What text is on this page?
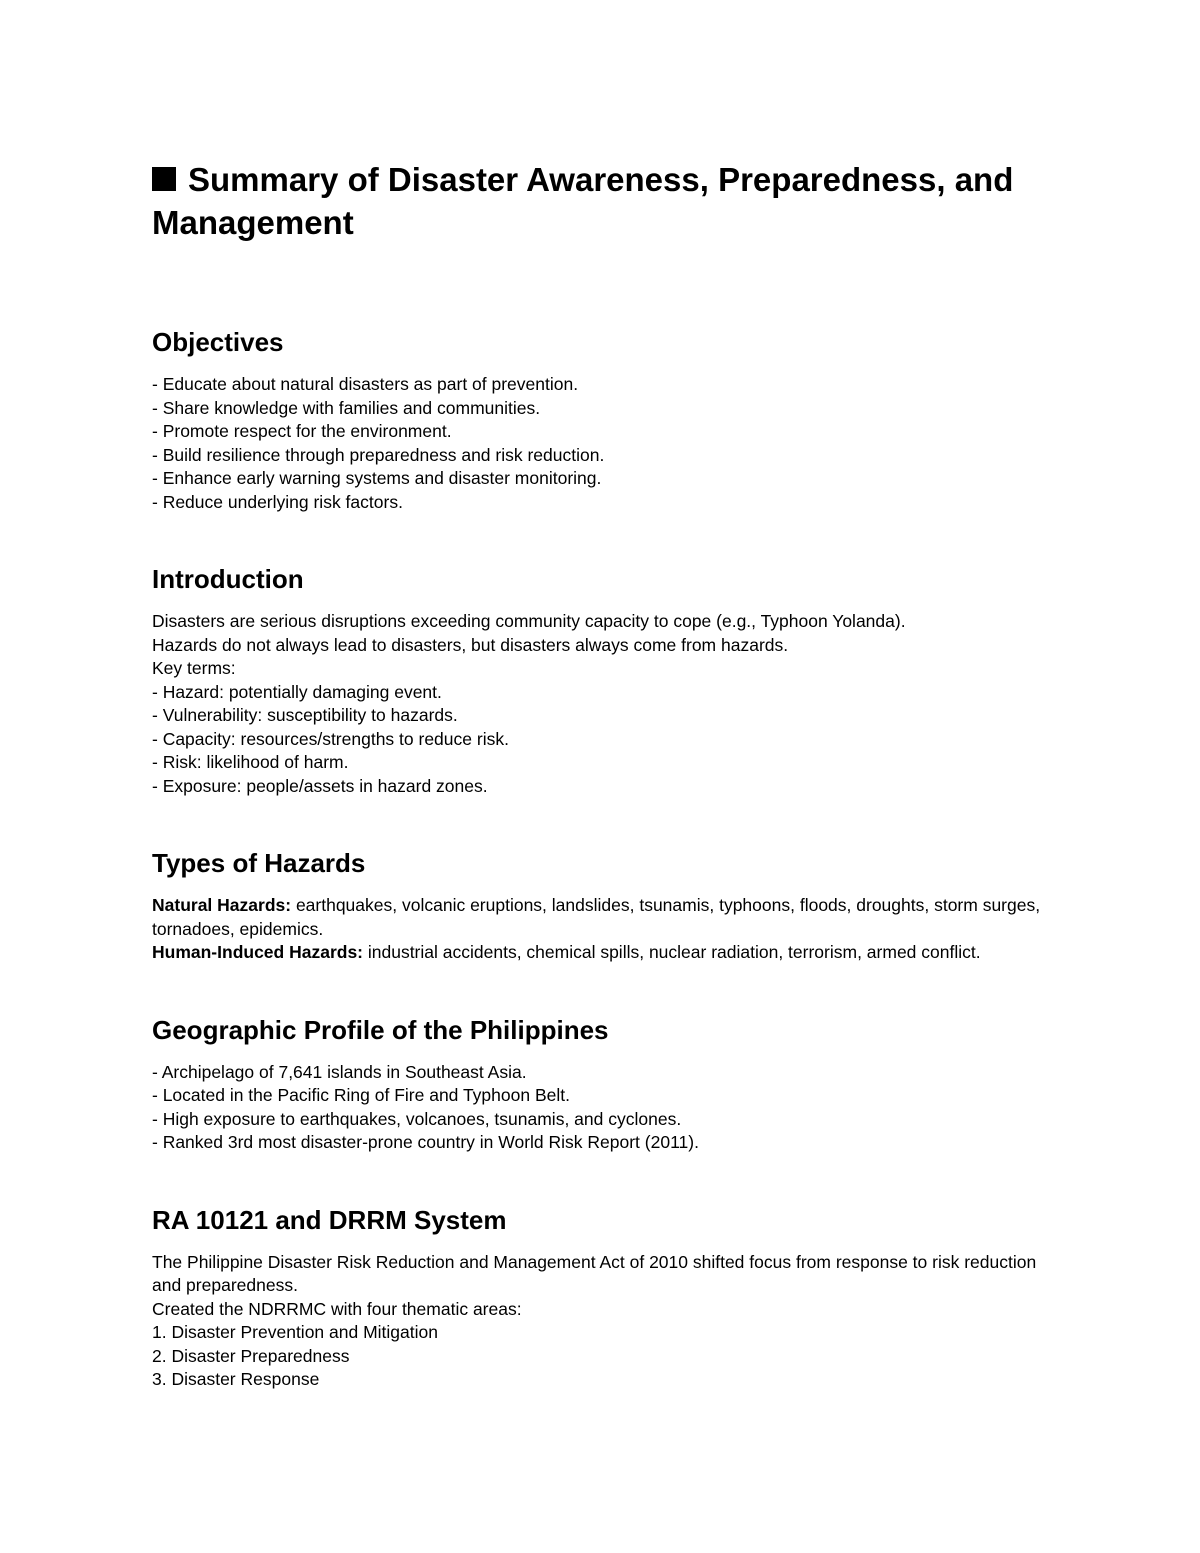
Summary of Disaster Awareness, Preparedness, and Management
Objectives

- Educate about natural disasters as part of prevention.

- Share knowledge with families and communities.

- Promote respect for the environment.

- Build resilience through preparedness and risk reduction.

- Enhance early warning systems and disaster monitoring.

- Reduce underlying risk factors.

Introduction

Disasters are serious disruptions exceeding community capacity to cope (e.g., Typhoon Yolanda).

Hazards do not always lead to disasters, but disasters always come from hazards.

Key terms:

- Hazard: potentially damaging event.

- Vulnerability: susceptibility to hazards.

- Capacity: resources/strengths to reduce risk.

- Risk: likelihood of harm.

- Exposure: people/assets in hazard zones.

Types of Hazards

Natural Hazards: earthquakes, volcanic eruptions, landslides, tsunamis, typhoons, floods, droughts, storm surges, tornadoes, epidemics.

Human-Induced Hazards: industrial accidents, chemical spills, nuclear radiation, terrorism, armed conflict.

Geographic Profile of the Philippines

- Archipelago of 7,641 islands in Southeast Asia.

- Located in the Pacific Ring of Fire and Typhoon Belt.

- High exposure to earthquakes, volcanoes, tsunamis, and cyclones.

- Ranked 3rd most disaster-prone country in World Risk Report (2011).

RA 10121 and DRRM System

The Philippine Disaster Risk Reduction and Management Act of 2010 shifted focus from response to risk reduction and preparedness.

Created the NDRRMC with four thematic areas:

1. Disaster Prevention and Mitigation

2. Disaster Preparedness

3. Disaster Response
